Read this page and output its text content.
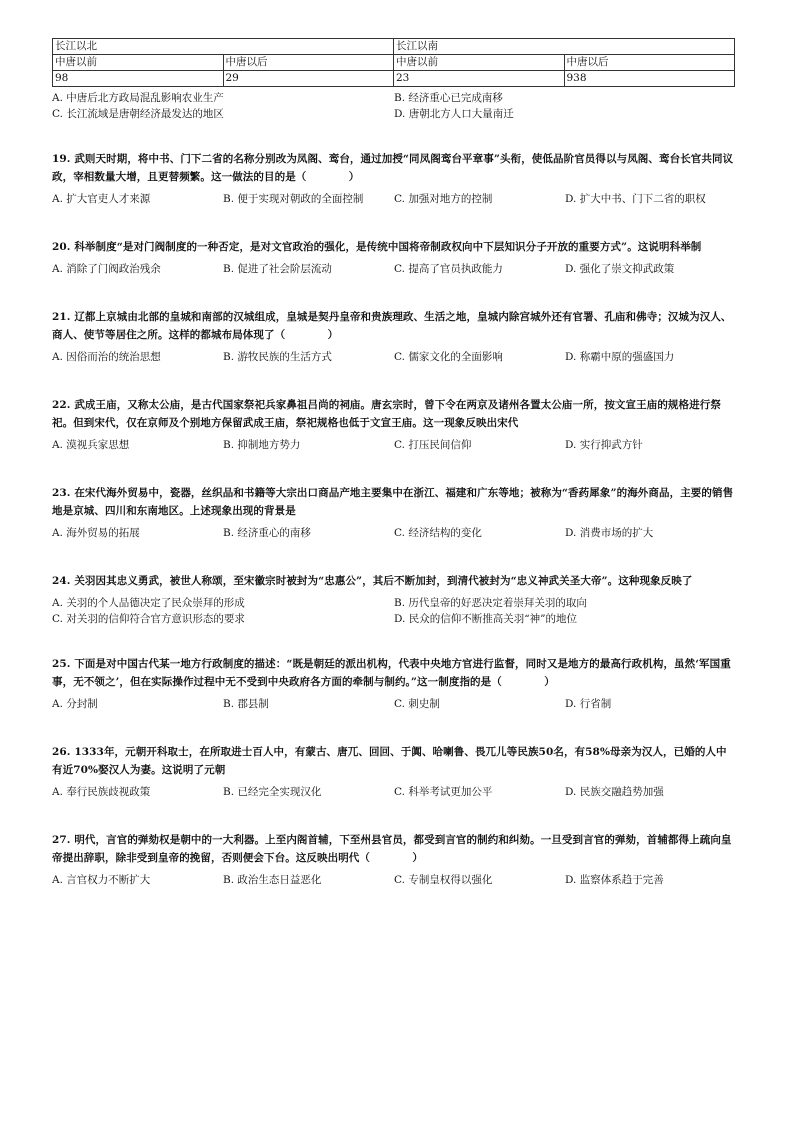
长江以北		长江以南	
中唐以前	中唐以后	中唐以前	中唐以后
98	29	23	938
A. 中唐后北方政局混乱影响农业生产	B. 经济重心已完成南移
C. 长江流域是唐朝经济最发达的地区	D. 唐朝北方人口大量南迁

19. 武则天时期，将中书、门下二省的名称分别改为凤阁、鸾台，通过加授“同凤阁鸾台平章事”头衔，使低品阶官员得以与凤阁、鸾台长官共同议政，宰相数量大增，且更替频繁。这一做法的目的是（　　　　）

A. 扩大官吏人才来源	B. 便于实现对朝政的全面控制	C. 加强对地方的控制	D. 扩大中书、门下二省的职权

20. 科举制度“是对门阀制度的一种否定，是对文官政治的强化，是传统中国将帝制政权向中下层知识分子开放的重要方式”。这说明科举制

A. 消除了门阀政治残余	B. 促进了社会阶层流动	C. 提高了官员执政能力	D. 强化了崇文抑武政策

21. 辽都上京城由北部的皇城和南部的汉城组成，皇城是契丹皇帝和贵族理政、生活之地，皇城内除宫城外还有官署、孔庙和佛寺；汉城为汉人、商人、使节等居住之所。这样的都城布局体现了（　　　　）

A. 因俗而治的统治思想	B. 游牧民族的生活方式	C. 儒家文化的全面影响	D. 称霸中原的强盛国力

22. 武成王庙，又称太公庙，是古代国家祭祀兵家鼻祖吕尚的祠庙。唐玄宗时，曾下令在两京及诸州各置太公庙一所，按文宣王庙的规格进行祭祀。但到宋代，仅在京师及个别地方保留武成王庙，祭祀规格也低于文宣王庙。这一现象反映出宋代

A. 漠视兵家思想	B. 抑制地方势力	C. 打压民间信仰	D. 实行抑武方针

23. 在宋代海外贸易中，瓷器，丝织品和书籍等大宗出口商品产地主要集中在浙江、福建和广东等地；被称为“香药犀象”的海外商品，主要的销售地是京城、四川和东南地区。上述现象出现的背景是

A. 海外贸易的拓展	B. 经济重心的南移	C. 经济结构的变化	D. 消费市场的扩大

24. 关羽因其忠义勇武，被世人称颂，至宋徽宗时被封为“忠惠公”，其后不断加封，到清代被封为“忠义神武关圣大帝”。这种现象反映了

A. 关羽的个人品德决定了民众崇拜的形成	B. 历代皇帝的好恶决定着崇拜关羽的取向
C. 对关羽的信仰符合官方意识形态的要求	D. 民众的信仰不断推高关羽“神”的地位

25. 下面是对中国古代某一地方行政制度的描述：“既是朝廷的派出机构，代表中央地方官进行监督，同时又是地方的最高行政机构，虽然‘军国重事，无不领之’，但在实际操作过程中无不受到中央政府各方面的牵制与制约。”这一制度指的是（　　　　）

A. 分封制	B. 郡县制	C. 刺史制	D. 行省制

26. 1333年，元朝开科取士，在所取进士百人中，有蒙古、唐兀、回回、于阗、哈喇鲁、畏兀儿等民族50名，有58%母亲为汉人，已婚的人中有近70%娶汉人为妻。这说明了元朝

A. 奉行民族歧视政策	B. 已经完全实现汉化	C. 科举考试更加公平	D. 民族交融趋势加强

27. 明代，言官的弹劾权是朝中的一大利器。上至内阁首辅，下至州县官员，都受到言官的制约和纠劾。一旦受到言官的弹劾，首辅都得上疏向皇帝提出辞职，除非受到皇帝的挽留，否则便会下台。这反映出明代（　　　　）

A. 言官权力不断扩大	B. 政治生态日益恶化	C. 专制皇权得以强化	D. 监察体系趋于完善
